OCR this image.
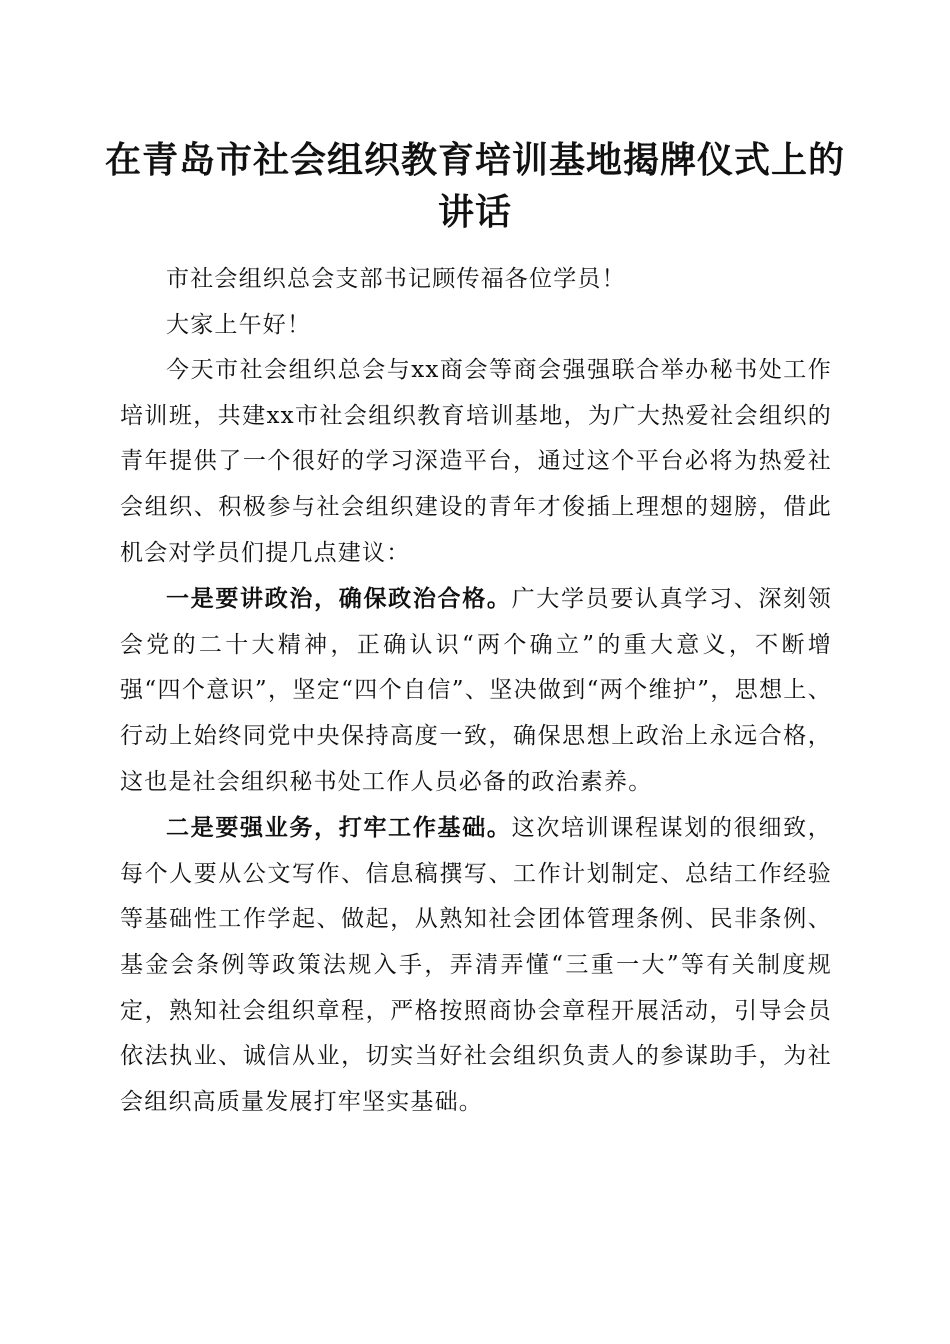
在青岛市社会组织教育培训基地揭牌仪式上的
讲话

市社会组织总会支部书记顾传福各位学员！

大家上午好！

今天市社会组织总会与xx商会等商会强强联合举办秘书处工作培训班，共建xx市社会组织教育培训基地，为广大热爱社会组织的青年提供了一个很好的学习深造平台，通过这个平台必将为热爱社会组织、积极参与社会组织建设的青年才俊插上理想的翅膀，借此机会对学员们提几点建议：

一是要讲政治，确保政治合格。广大学员要认真学习、深刻领会党的二十大精神，正确认识“两个确立”的重大意义，不断增强“四个意识”，坚定“四个自信”、坚决做到“两个维护”，思想上、行动上始终同党中央保持高度一致，确保思想上政治上永远合格，这也是社会组织秘书处工作人员必备的政治素养。

二是要强业务，打牢工作基础。这次培训课程谋划的很细致，每个人要从公文写作、信息稿撰写、工作计划制定、总结工作经验等基础性工作学起、做起，从熟知社会团体管理条例、民非条例、基金会条例等政策法规入手，弄清弄懂“三重一大”等有关制度规定，熟知社会组织章程，严格按照商协会章程开展活动，引导会员依法执业、诚信从业，切实当好社会组织负责人的参谋助手，为社会组织高质量发展打牢坚实基础。
